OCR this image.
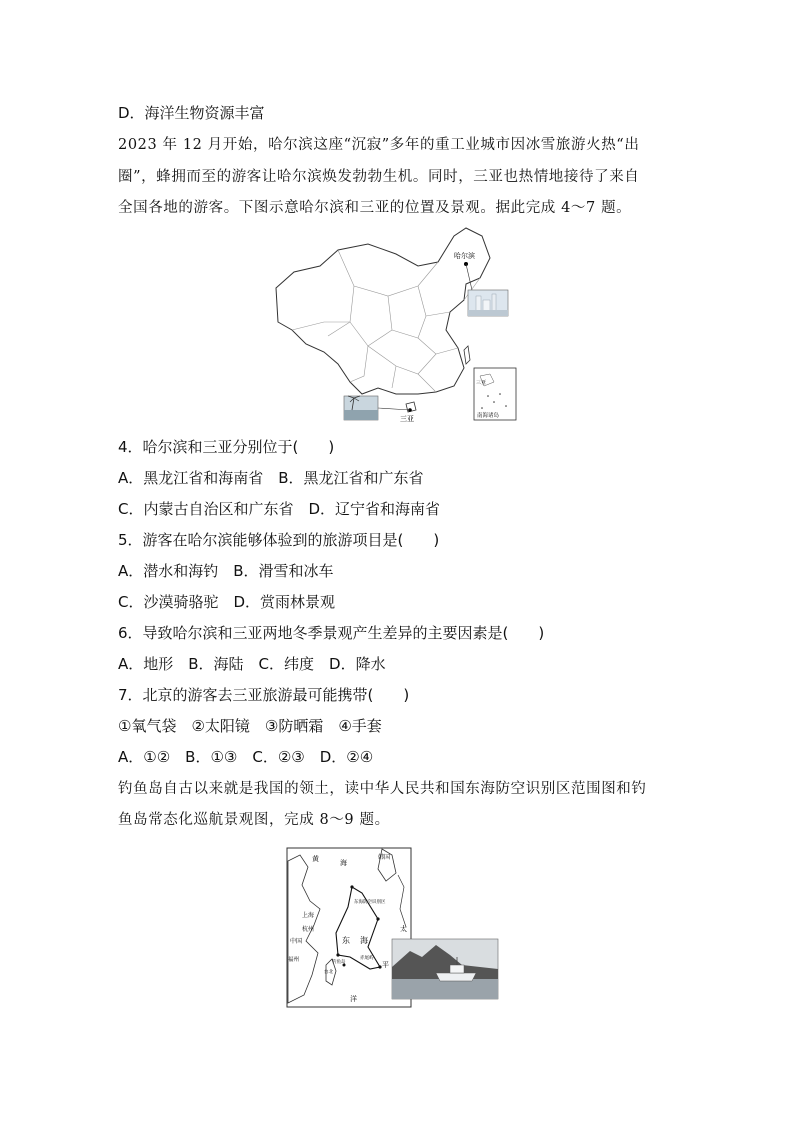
D．海洋生物资源丰富
2023 年 12 月开始，哈尔滨这座“沉寂”多年的重工业城市因冰雪旅游火热“出
圈”，蜂拥而至的游客让哈尔滨焕发勃勃生机。同时，三亚也热情地接待了来自
全国各地的游客。下图示意哈尔滨和三亚的位置及景观。据此完成 4～7 题。
哈尔滨
三亚
三亚
南海诸岛
4．哈尔滨和三亚分别位于(　　)
A．黑龙江省和海南省　B．黑龙江省和广东省
C．内蒙古自治区和广东省　D．辽宁省和海南省
5．游客在哈尔滨能够体验到的旅游项目是(　　)
A．潜水和海钓　B．滑雪和冰车
C．沙漠骑骆驼　D．赏雨林景观
6．导致哈尔滨和三亚两地冬季景观产生差异的主要因素是(　　)
A．地形　B．海陆　C．纬度　D．降水
7．北京的游客去三亚旅游最可能携带(　　)
①氧气袋　②太阳镜　③防晒霜　④手套
A．①②　B．①③　C．②③　D．②④
钓鱼岛自古以来就是我国的领土，读中华人民共和国东海防空识别区范围图和钓
鱼岛常态化巡航景观图，完成 8～9 题。
黄	海
韩国
上海
杭州
中国
福州
东 海
东海防空识别区
太
平
洋
钓鱼岛
赤尾屿
台北
